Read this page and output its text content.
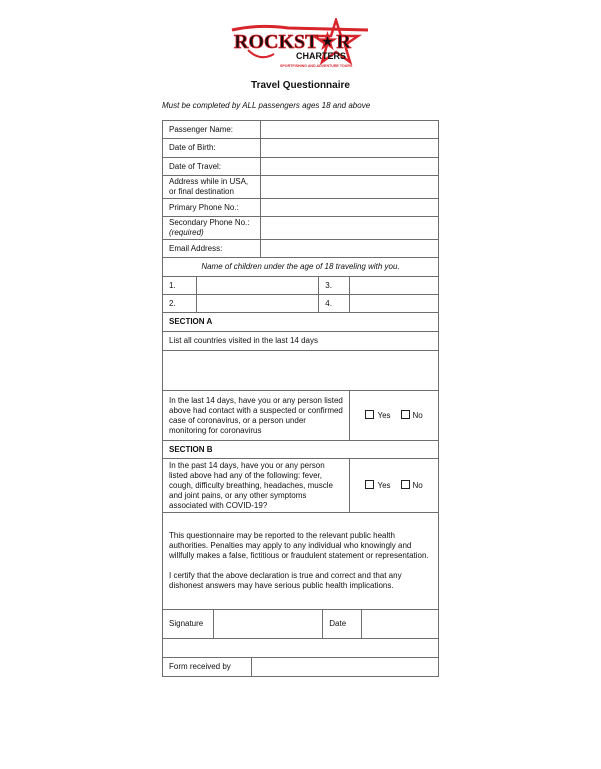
ROCKST★R
CHARTERS
SPORTFISHING AND ADVENTURE TOURS
Travel Questionnaire
Must be completed by ALL passengers ages 18 and above
Passenger Name:								
Date of Birth:								
Date of Travel:								
Address while in USA, or final destination								
Primary Phone No.:								
Secondary Phone No.: (required)								
Email Address:								
Name of children under the age of 18 traveling with you.								
1.					3.			
2.					4.			
SECTION A								
List all countries visited in the last 14 days								

In the last 14 days, have you or any person listed above had contact with a suspected or confirmed case of coronavirus, or a person under monitoring for coronavirus							Yes No	
SECTION B								
In the past 14 days, have you or any person listed above had any of the following: fever, cough, difficulty breathing, headaches, muscle and joint pains, or any other symptoms associated with COVID-19?							Yes No	

This questionnaire may be reported to the relevant public health authorities. Penalties may apply to any individual who knowingly and willfully makes a false, fictitious or fraudulent statement or representation.
I certify that the above declaration is true and correct and that any dishonest answers may have serious public health implications.								

Signature						Date		

Form received by								
